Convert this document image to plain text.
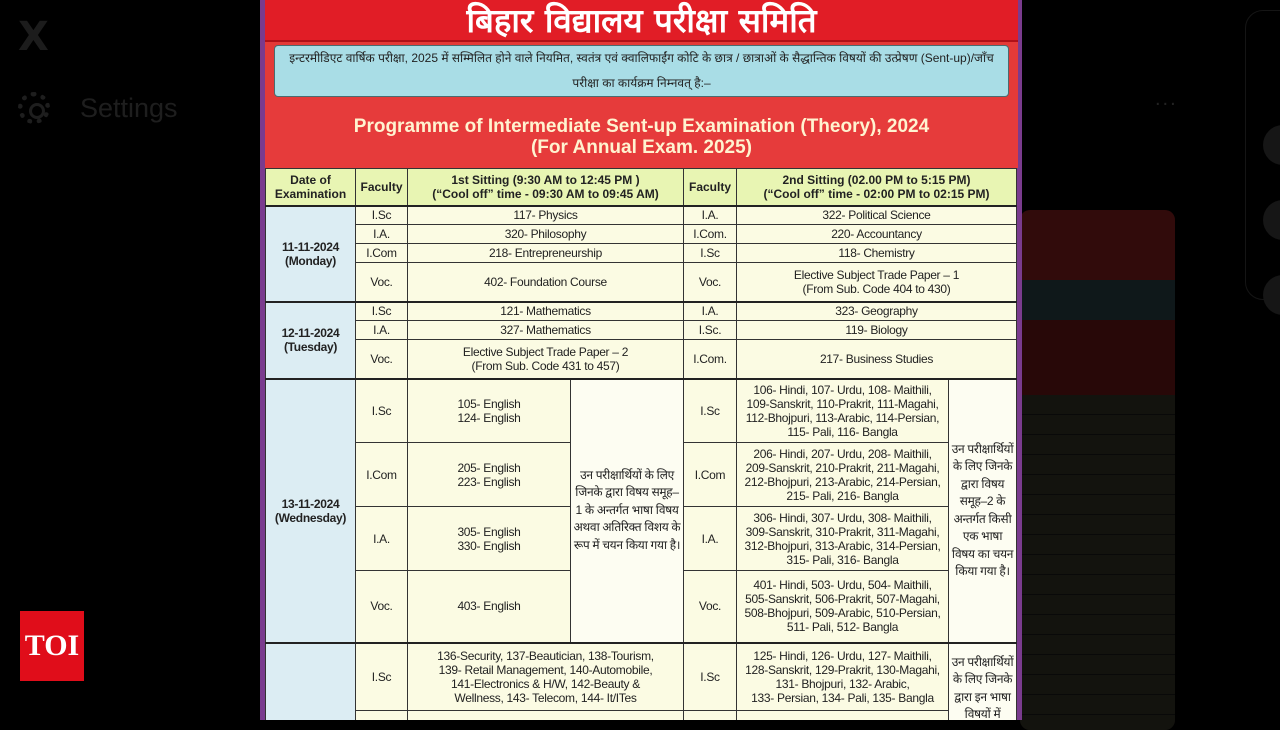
X
Settings	...
TOI
बिहार विद्यालय परीक्षा समिति
इन्टरमीडिएट वार्षिक परीक्षा, 2025 में सम्मिलित होने वाले नियमित, स्वतंत्र एवं क्वालिफाईंग कोटि के छात्र / छात्राओं के सैद्धान्तिक विषयों की उत्प्रेषण (Sent-up)/जाँच परीक्षा का कार्यक्रम निम्नवत् है:–
Programme of Intermediate Sent-up Examination (Theory), 2024
(For Annual Exam. 2025)
Date of
Examination	Faculty	1st Sitting (9:30 AM to 12:45 PM )
(“Cool off” time - 09:30 AM to 09:45 AM)		Faculty	2nd Sitting (02.00 PM to 5:15 PM)
(“Cool off” time - 02:00 PM to 02:15 PM)	
11-11-2024
(Monday)	I.Sc	117- Physics		I.A.	322- Political Science	
	I.A.	320- Philosophy		I.Com.	220- Accountancy	
	I.Com	218- Entrepreneurship		I.Sc	118- Chemistry	
	Voc.	402- Foundation Course		Voc.	Elective Subject Trade Paper – 1
(From Sub. Code 404 to 430)	
12-11-2024
(Tuesday)	I.Sc	121- Mathematics		I.A.	323- Geography	
	I.A.	327- Mathematics		I.Sc.	119- Biology	
	Voc.	Elective Subject Trade Paper – 2
(From Sub. Code 431 to 457)		I.Com.	217- Business Studies	
13-11-2024
(Wednesday)	I.Sc	105- English
124- English	उन परीक्षार्थियों के लिए जिनके द्वारा विषय समूह–1 के अन्तर्गत भाषा विषय अथवा अतिरिक्त विशय के रूप में चयन किया गया है।	I.Sc	106- Hindi, 107- Urdu, 108- Maithili,
109-Sanskrit, 110-Prakrit, 111-Magahi,
112-Bhojpuri, 113-Arabic, 114-Persian,
115- Pali, 116- Bangla	उन परीक्षार्थियों के लिए जिनके द्वारा विषय समूह–2 के अन्तर्गत किसी एक भाषा विषय का चयन किया गया है।
	I.Com	205- English
223- English		I.Com	206- Hindi, 207- Urdu, 208- Maithili,
209-Sanskrit, 210-Prakrit, 211-Magahi,
212-Bhojpuri, 213-Arabic, 214-Persian,
215- Pali, 216- Bangla	
	I.A.	305- English
330- English		I.A.	306- Hindi, 307- Urdu, 308- Maithili,
309-Sanskrit, 310-Prakrit, 311-Magahi,
312-Bhojpuri, 313-Arabic, 314-Persian,
315- Pali, 316- Bangla	
	Voc.	403- English		Voc.	401- Hindi, 503- Urdu, 504- Maithili,
505-Sanskrit, 506-Prakrit, 507-Magahi,
508-Bhojpuri, 509-Arabic, 510-Persian,
511- Pali, 512- Bangla	
	I.Sc	136-Security, 137-Beautician, 138-Tourism,
139- Retail Management, 140-Automobile,
141-Electronics & H/W, 142-Beauty &
Wellness, 143- Telecom, 144- It/ITes		I.Sc	125- Hindi, 126- Urdu, 127- Maithili,
128-Sanskrit, 129-Prakrit, 130-Magahi,
131- Bhojpuri, 132- Arabic,
133- Persian, 134- Pali, 135- Bangla	उन परीक्षार्थियों के लिए जिनके द्वारा इन भाषा विषयों में
